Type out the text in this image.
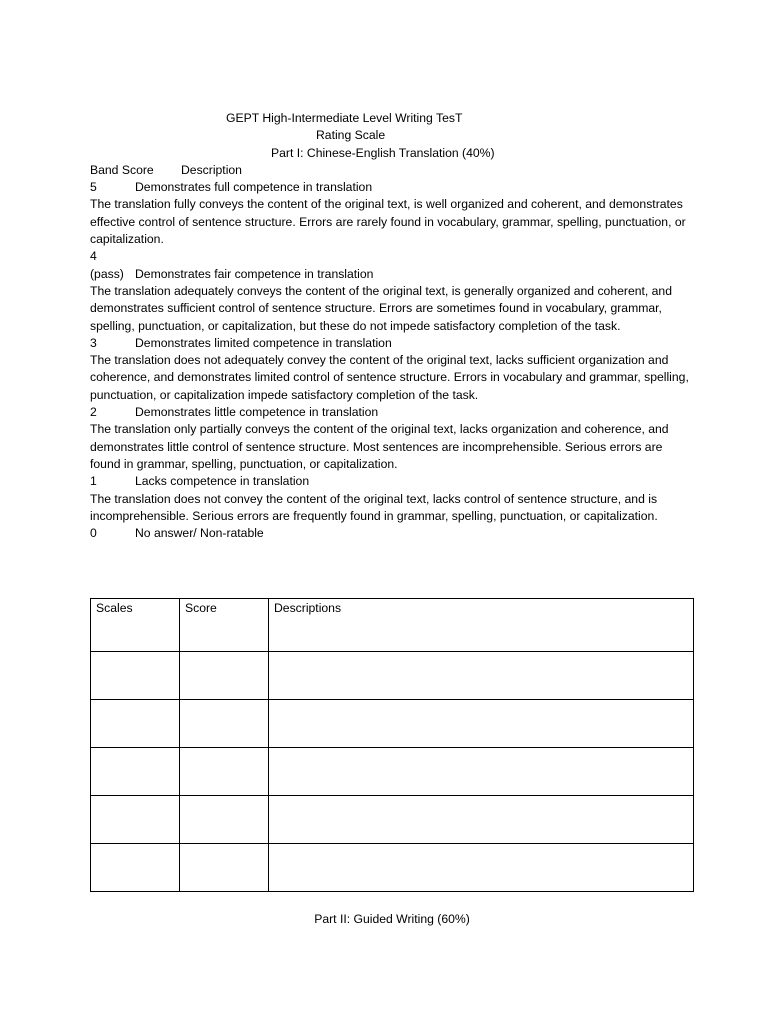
GEPT High-Intermediate Level Writing TesT
Rating Scale
Part I: Chinese-English Translation (40%)
Band Score Description
5	Demonstrates full competence in translation
The translation fully conveys the content of the original text, is well organized and coherent, and demonstrates effective control of sentence structure. Errors are rarely found in vocabulary, grammar, spelling, punctuation, or capitalization.
4
(pass) Demonstrates fair competence in translation
The translation adequately conveys the content of the original text, is generally organized and coherent, and demonstrates sufficient control of sentence structure. Errors are sometimes found in vocabulary, grammar, spelling, punctuation, or capitalization, but these do not impede satisfactory completion of the task.
3	Demonstrates limited competence in translation
The translation does not adequately convey the content of the original text, lacks sufficient organization and coherence, and demonstrates limited control of sentence structure. Errors in vocabulary and grammar, spelling, punctuation, or capitalization impede satisfactory completion of the task.
2	Demonstrates little competence in translation
The translation only partially conveys the content of the original text, lacks organization and coherence, and demonstrates little control of sentence structure. Most sentences are incomprehensible. Serious errors are found in grammar, spelling, punctuation, or capitalization.
1	Lacks competence in translation
The translation does not convey the content of the original text, lacks control of sentence structure, and is incomprehensible. Serious errors are frequently found in grammar, spelling, punctuation, or capitalization.
0	No answer/ Non-ratable
Scales	Score	Descriptions

Part II: Guided Writing (60%)
